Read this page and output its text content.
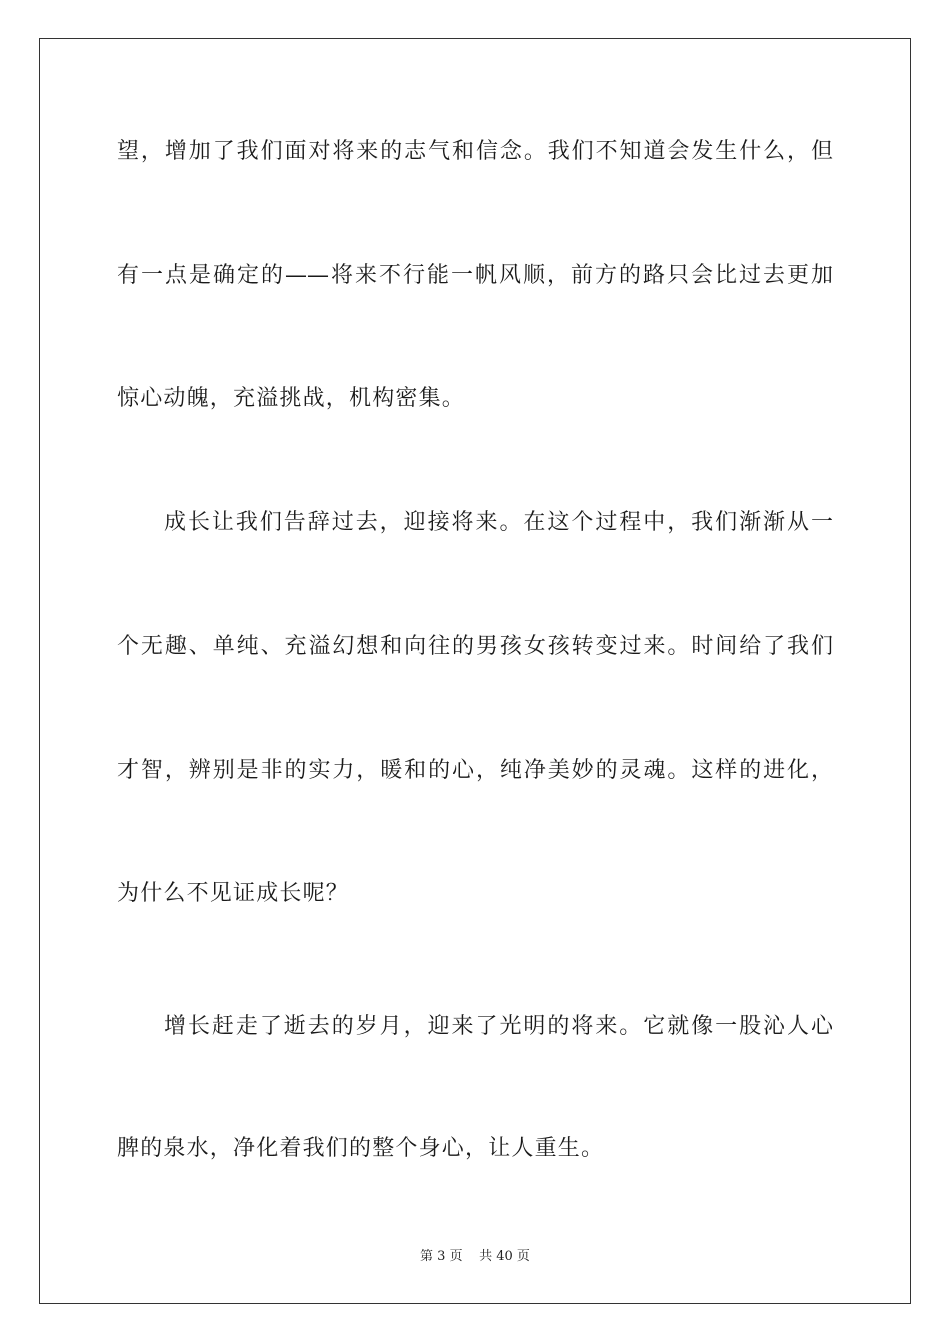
望，增加了我们面对将来的志气和信念。我们不知道会发生什么，但
有一点是确定的——将来不行能一帆风顺，前方的路只会比过去更加
惊心动魄，充溢挑战，机构密集。
成长让我们告辞过去，迎接将来。在这个过程中，我们渐渐从一
个无趣、单纯、充溢幻想和向往的男孩女孩转变过来。时间给了我们
才智，辨别是非的实力，暖和的心，纯净美妙的灵魂。这样的进化，
为什么不见证成长呢？
增长赶走了逝去的岁月，迎来了光明的将来。它就像一股沁人心
脾的泉水，净化着我们的整个身心，让人重生。
第 3 页 共 40 页
